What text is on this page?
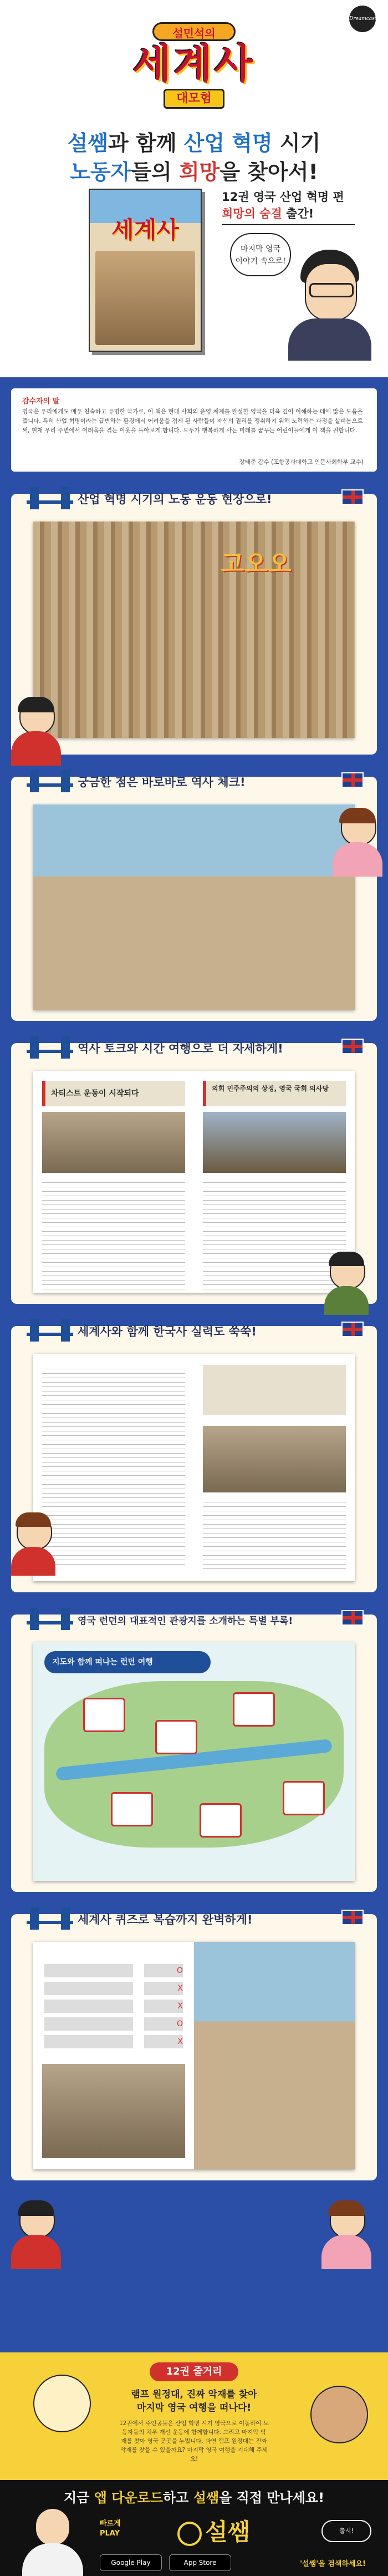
Dreamcast
설민석의
세계사
대모험
설쌤과 함께 산업 혁명 시기
노동자들의 희망을 찾아서!
세계사
12권 영국 산업 혁명 편
희망의 숨결 출간!
마지막 영국
이야기 속으로!
감수자의 말
영국은 우리에게도 매우 친숙하고 유명한 국가로, 이 책은 현대 사회의 운영 체계를 완성한 영국을 더욱 깊이 이해하는 데에 많은 도움을 줍니다. 특히 산업 혁명이라는 급변하는 환경에서 어려움을 겪게 된 사람들이 자신의 권리를 쟁취하기 위해 노력하는 과정을 살펴봄으로써, 현재 우리 주변에서 어려움을 겪는 이웃을 돌아보게 합니다. 모두가 행복하게 사는 미래를 꿈꾸는 어린이들에게 이 책을 권합니다.
장태준 감수 (포항공과대학교 인문사회학부 교수)
산업 혁명 시기의 노동 운동 현장으로!
고오오
궁금한 점은 바로바로 역사 체크!
역사 토크와 시간 여행으로 더 자세하게!
차티스트 운동이 시작되다
의회 민주주의의 상징, 영국 국회 의사당
세계사와 함께 한국사 실력도 쑥쑥!
영국 런던의 대표적인 관광지를 소개하는 특별 부록!
지도와 함께 떠나는 런던 여행
세계사 퀴즈로 복습까지 완벽하게!
O
X
X
O
X
12권 줄거리
램프 원정대, 진짜 악재를 찾아
마지막 영국 여행을 떠나다!
12권에서 주인공들은 산업 혁명 시기 영국으로 이동하여 노동자들의 처우 개선 운동에 함께합니다. 그리고 마지막 악재를 찾아 영국 곳곳을 누빕니다. 과연 램프 원정대는 진짜 악재를 찾을 수 있을까요? 마지막 영국 여행을 기대해 주세요!
지금 앱 다운로드하고 설쌤을 직접 만나세요!
빠르게
PLAY	설쌤	출시!
Google Play	App Store	'설쌤'을 검색하세요!
